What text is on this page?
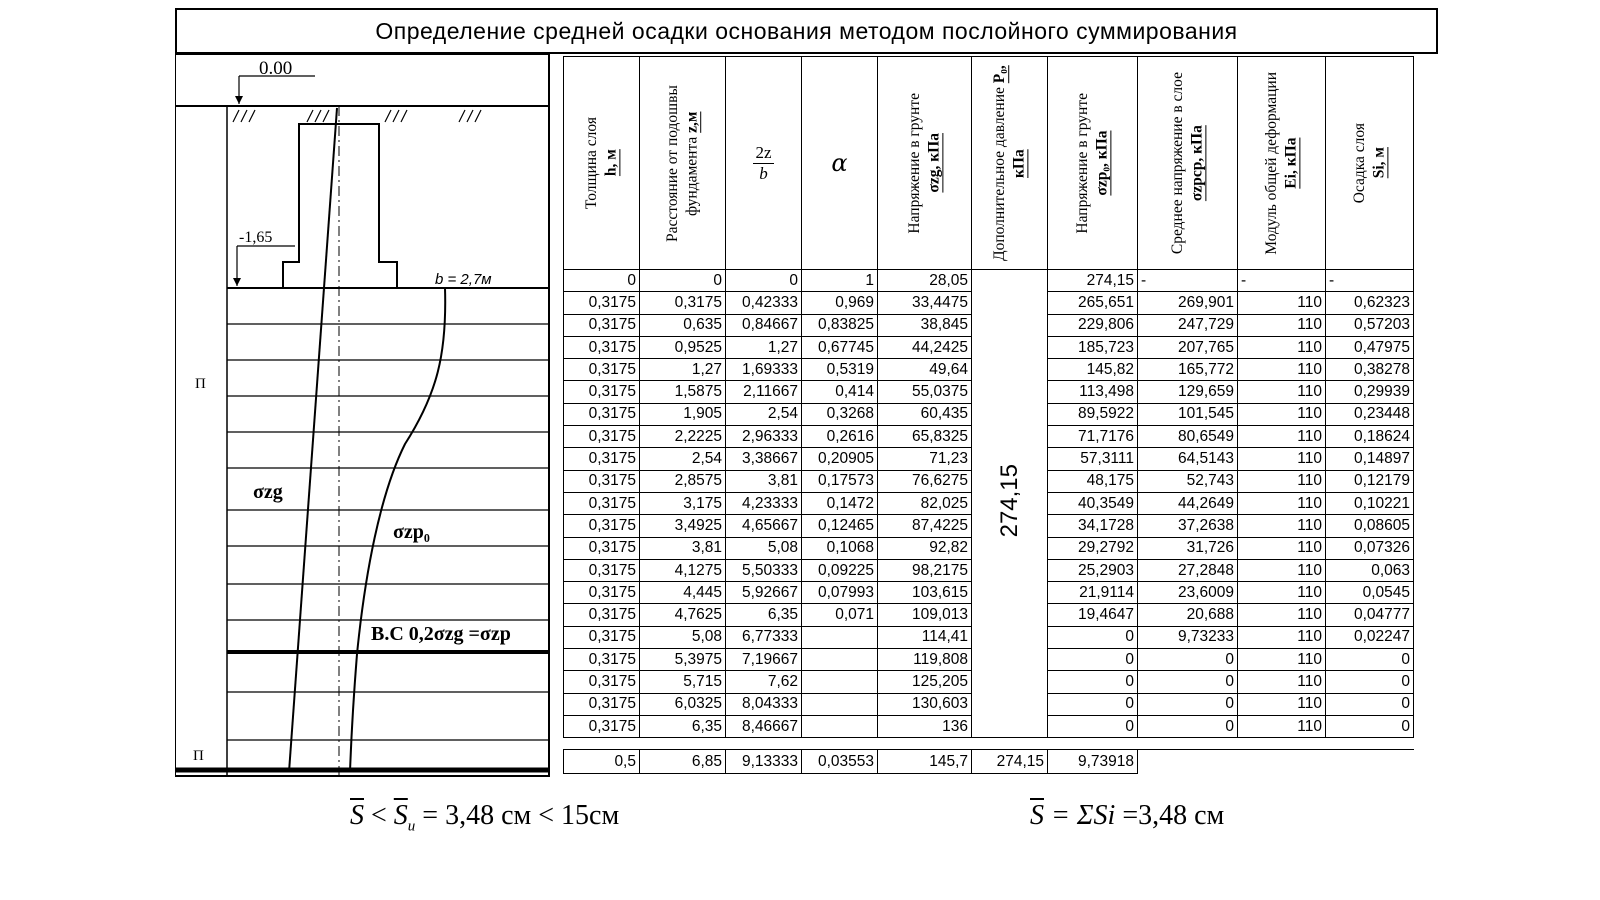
Определение средней осадки основания методом послойного суммирования
0.00
-1,65
b = 2,7м
σzg
σzp₀
В.С 0,2σzg =σzp
П
П
Толщина слоя h, м	Расстояние от подошвы фундамента z,м	$\frac{2z}{b}$	α	Напряжение в грунте σzg, кПа	Дополнительное давление P₀, кПа	Напряжение в грунте σzp₀, кПа	Среднее напряжение в слое σzpср, кПа	Модуль общей деформации Ei, кПа	Осадка слоя Si, м

0	0	0	1	28,05	274,15	274,15	-	-	-
0,3175	0,3175	0,42333	0,969	33,4475		265,651	269,901	110	0,62323
0,3175	0,635	0,84667	0,83825	38,845		229,806	247,729	110	0,57203
0,3175	0,9525	1,27	0,67745	44,2425		185,723	207,765	110	0,47975
0,3175	1,27	1,69333	0,5319	49,64		145,82	165,772	110	0,38278
0,3175	1,5875	2,11667	0,414	55,0375		113,498	129,659	110	0,29939
0,3175	1,905	2,54	0,3268	60,435		89,5922	101,545	110	0,23448
0,3175	2,2225	2,96333	0,2616	65,8325		71,7176	80,6549	110	0,18624
0,3175	2,54	3,38667	0,20905	71,23		57,3111	64,5143	110	0,14897
0,3175	2,8575	3,81	0,17573	76,6275		48,175	52,743	110	0,12179
0,3175	3,175	4,23333	0,1472	82,025		40,3549	44,2649	110	0,10221
0,3175	3,4925	4,65667	0,12465	87,4225		34,1728	37,2638	110	0,08605
0,3175	3,81	5,08	0,1068	92,82		29,2792	31,726	110	0,07326
0,3175	4,1275	5,50333	0,09225	98,2175		25,2903	27,2848	110	0,063
0,3175	4,445	5,92667	0,07993	103,615		21,9114	23,6009	110	0,0545
0,3175	4,7625	6,35	0,071	109,013		19,4647	20,688	110	0,04777
0,3175	5,08	6,77333		114,41		0	9,73233	110	0,02247
0,3175	5,3975	7,19667		119,808		0	0	110	0
0,3175	5,715	7,62		125,205		0	0	110	0
0,3175	6,0325	8,04333		130,603		0	0	110	0
0,3175	6,35	8,46667		136		0	0	110	0

0,5	6,85	9,13333	0,03553	145,7	274,15	9,73918			
$\overline{S} < \overline{S}_u = 3,48$ см < 15см	$\overline{S} = \Sigma Si =3,48$ см
